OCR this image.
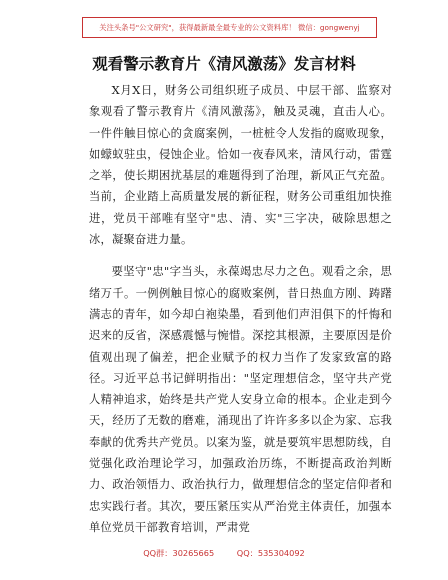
关注头条号"公文研究"，获得最新最全最专业的公文资料库！ 微信：gongwenyj
观看警示教育片《清风激荡》发言材料

X月X日，财务公司组织班子成员、中层干部、监察对象观看了警示教育片《清风激荡》，触及灵魂，直击人心。一件件触目惊心的贪腐案例，一桩桩令人发指的腐败现象，如蠓蚁驻虫，侵蚀企业。恰如一夜春风来，清风行动，雷霆之举，使长期困扰基层的难题得到了治理，新风正气充盈。当前，企业踏上高质量发展的新征程，财务公司重组加快推进，党员干部唯有坚守"忠、清、实"三字决，破除思想之冰，凝聚奋进力量。

要坚守"忠"字当头，永葆竭忠尽力之色。观看之余，思绪万千。一例例触目惊心的腐败案例，昔日热血方刚、踌躇满志的青年，如今却白袍染墨，看到他们声泪俱下的忏悔和迟来的反省，深感震憾与惋惜。深挖其根源，主要原因是价值观出现了偏差，把企业赋予的权力当作了发家致富的路径。习近平总书记鲜明指出："坚定理想信念，坚守共产党人精神追求，始终是共产党人安身立命的根本。企业走到今天，经历了无数的磨难，涌现出了许许多多以企为家、忘我奉献的优秀共产党员。以案为鉴，就是要筑牢思想防线，自觉强化政治理论学习，加强政治历练，不断提高政治判断力、政治领悟力、政治执行力，做理想信念的坚定信仰者和忠实践行者。其次，要压紧压实从严治党主体责任，加强本单位党员干部教育培训，严肃党

QQ群：30265665	QQ：535304092
